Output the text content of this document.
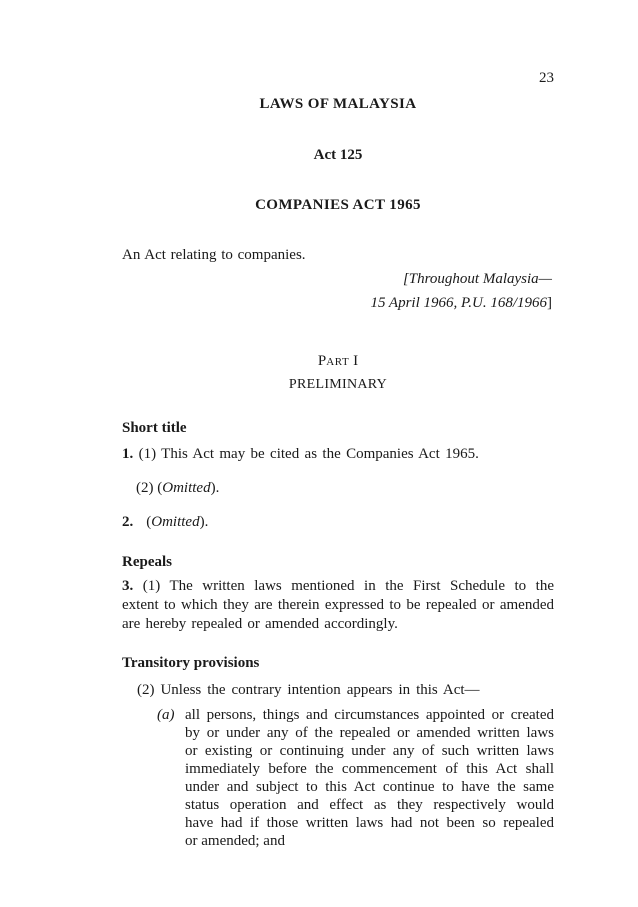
23
LAWS OF MALAYSIA
Act 125
COMPANIES ACT 1965
An Act relating to companies.
[Throughout Malaysia—
15 April 1966, P.U. 168/1966]
PART I
PRELIMINARY
Short title
1. (1) This Act may be cited as the Companies Act 1965.
(2) (Omitted).
2. (Omitted).
Repeals
3. (1) The written laws mentioned in the First Schedule to the
extent to which they are therein expressed to be repealed or amended
are hereby repealed or amended accordingly.
Transitory provisions
(2) Unless the contrary intention appears in this Act—
(a) all persons, things and circumstances appointed or created
by or under any of the repealed or amended written laws
or existing or continuing under any of such written laws
immediately before the commencement of this Act shall
under and subject to this Act continue to have the same
status operation and effect as they respectively would
have had if those written laws had not been so repealed
or amended; and
